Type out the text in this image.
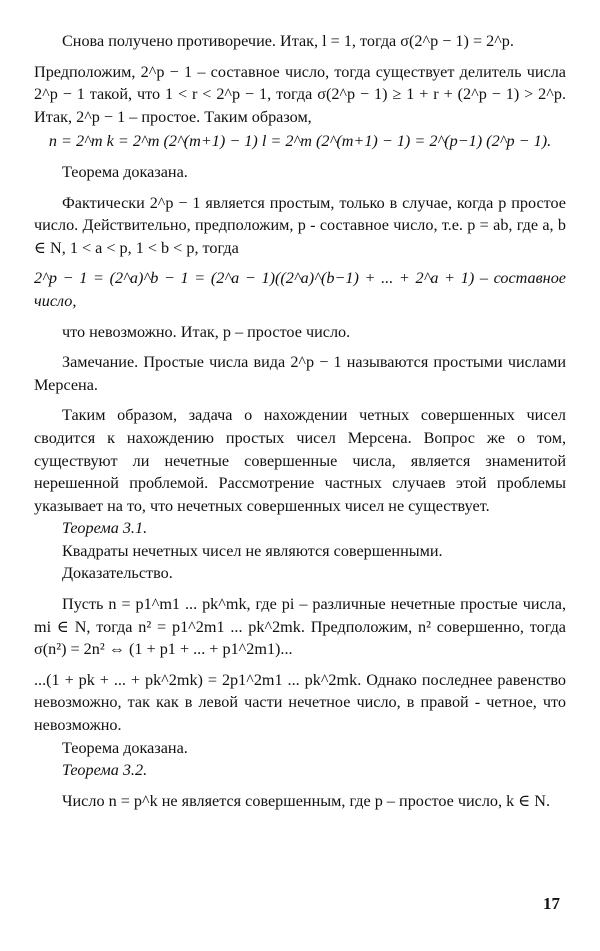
Снова получено противоречие. Итак, l = 1, тогда σ(2^p − 1) = 2^p.

Предположим, 2^p − 1 – составное число, тогда существует делитель числа 2^p − 1 такой, что 1 < r < 2^p − 1, тогда σ(2^p − 1) ≥ 1 + r + (2^p − 1) > 2^p. Итак, 2^p − 1 – простое. Таким образом,

n = 2^m k = 2^m (2^(m+1) − 1) l = 2^m (2^(m+1) − 1) = 2^(p−1) (2^p − 1).

Теорема доказана.

Фактически 2^p − 1 является простым, только в случае, когда p простое число. Действительно, предположим, p - составное число, т.е. p = ab, где a, b ∈ N, 1 < a < p, 1 < b < p, тогда

2^p − 1 = (2^a)^b − 1 = (2^a − 1)((2^a)^(b−1) + ... + 2^a + 1) – составное число,

что невозможно. Итак, p – простое число.

Замечание. Простые числа вида 2^p − 1 называются простыми числами Мерсена.

Таким образом, задача о нахождении четных совершенных чисел сводится к нахождению простых чисел Мерсена. Вопрос же о том, существуют ли нечетные совершенные числа, является знаменитой нерешенной проблемой. Рассмотрение частных случаев этой проблемы указывает на то, что нечетных совершенных чисел не существует.

Теорема 3.1.

Квадраты нечетных чисел не являются совершенными.

Доказательство.

Пусть n = p1^m1 ... pk^mk, где pi – различные нечетные простые числа, mi ∈ N, тогда n² = p1^2m1 ... pk^2mk. Предположим, n² совершенно, тогда σ(n²) = 2n² ⇔ (1 + p1 + ... + p1^2m1)...

...(1 + pk + ... + pk^2mk) = 2p1^2m1 ... pk^2mk. Однако последнее равенство невозможно, так как в левой части нечетное число, в правой - четное, что невозможно.

Теорема доказана.

Теорема 3.2.

Число n = p^k не является совершенным, где p – простое число, k ∈ N.

17
